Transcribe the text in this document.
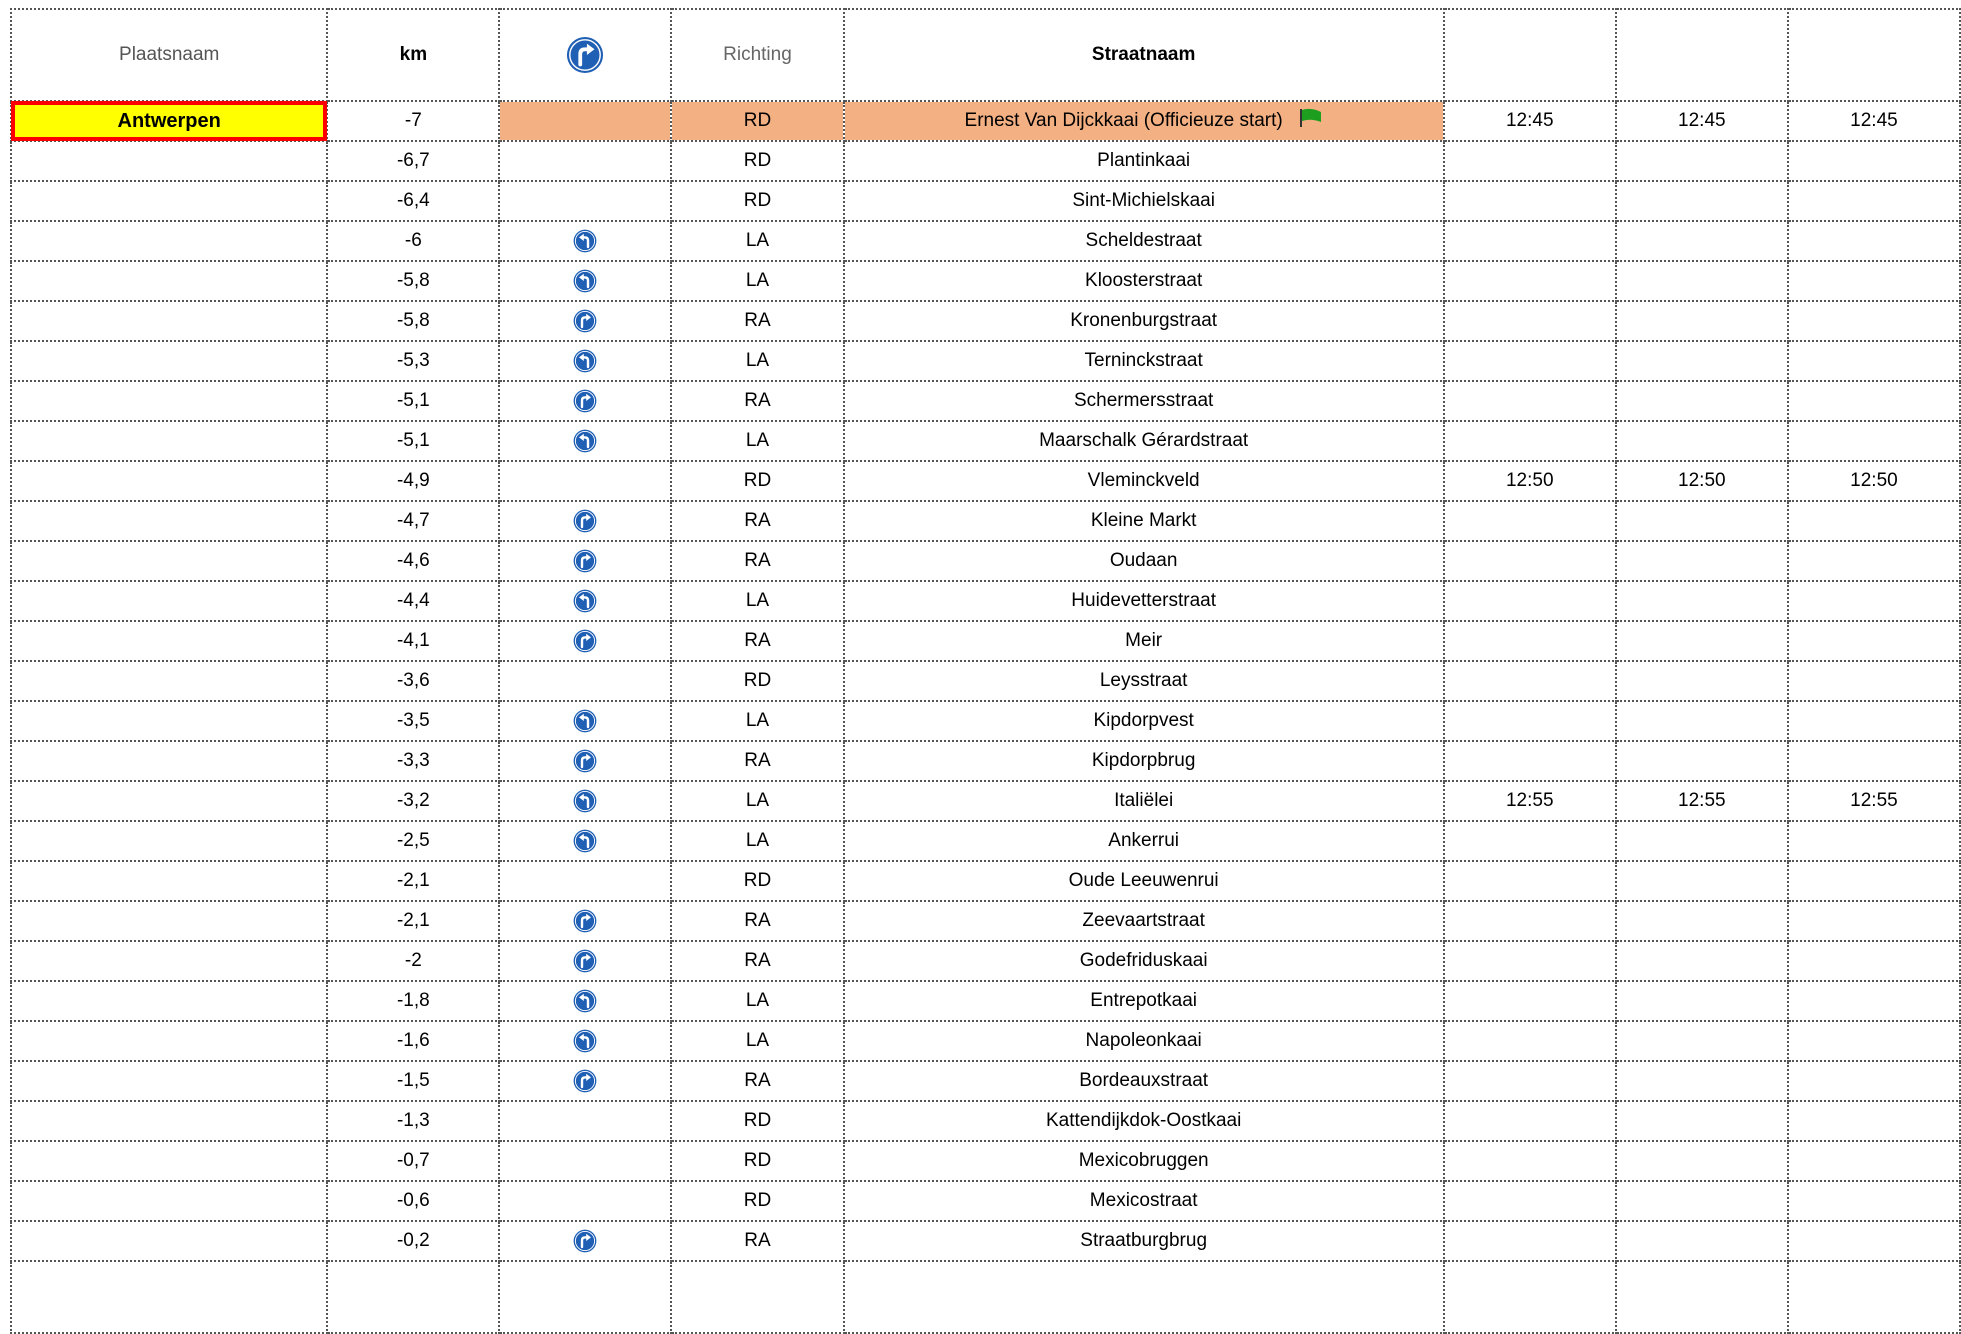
Plaatsnaam	km		Richting	Straatnaam			
Antwerpen	-7		RD	Ernest Van Dijckkaai (Officieuze start)	12:45	12:45	12:45
	-6,7		RD	Plantinkaai			
	-6,4		RD	Sint-Michielskaai			
	-6		LA	Scheldestraat			
	-5,8		LA	Kloosterstraat			
	-5,8		RA	Kronenburgstraat			
	-5,3		LA	Terninckstraat			
	-5,1		RA	Schermersstraat			
	-5,1		LA	Maarschalk Gérardstraat			
	-4,9		RD	Vleminckveld	12:50	12:50	12:50
	-4,7		RA	Kleine Markt			
	-4,6		RA	Oudaan			
	-4,4		LA	Huidevetterstraat			
	-4,1		RA	Meir			
	-3,6		RD	Leysstraat			
	-3,5		LA	Kipdorpvest			
	-3,3		RA	Kipdorpbrug			
	-3,2		LA	Italiëlei	12:55	12:55	12:55
	-2,5		LA	Ankerrui			
	-2,1		RD	Oude Leeuwenrui			
	-2,1		RA	Zeevaartstraat			
	-2		RA	Godefriduskaai			
	-1,8		LA	Entrepotkaai			
	-1,6		LA	Napoleonkaai			
	-1,5		RA	Bordeauxstraat			
	-1,3		RD	Kattendijkdok-Oostkaai			
	-0,7		RD	Mexicobruggen			
	-0,6		RD	Mexicostraat			
	-0,2		RA	Straatburgbrug			
